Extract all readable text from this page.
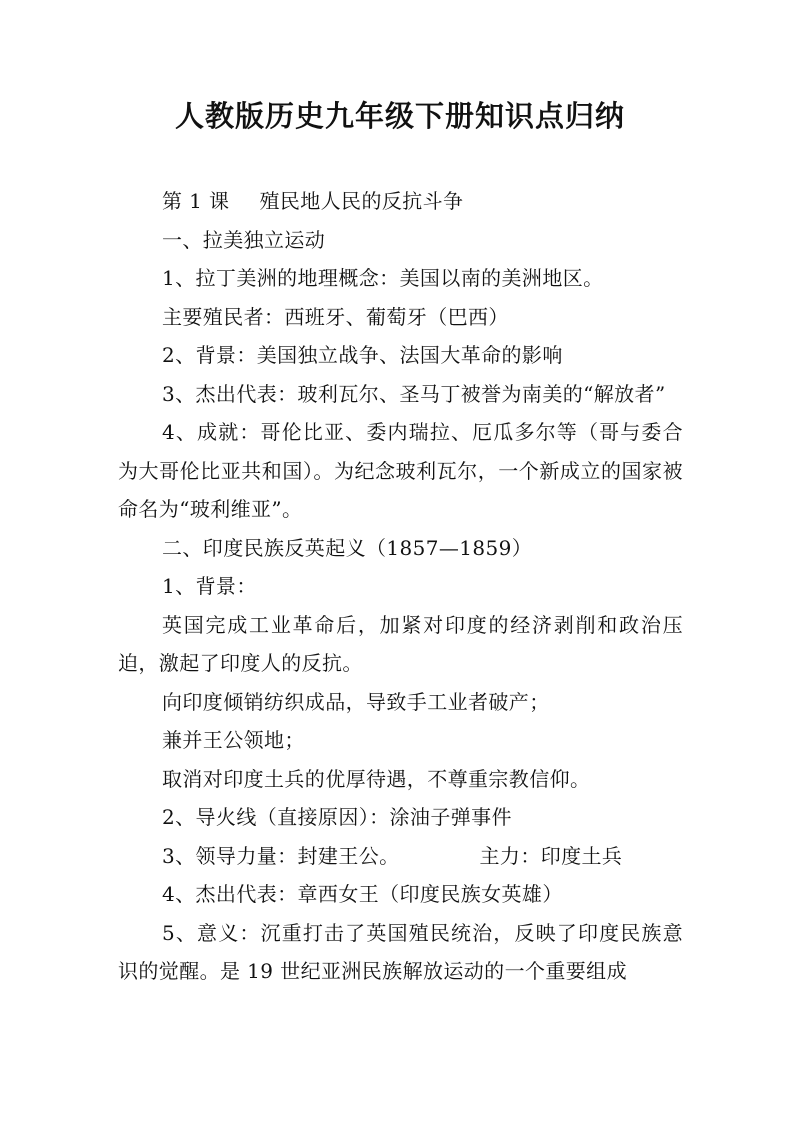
人教版历史九年级下册知识点归纳

第 1 课 殖民地人民的反抗斗争

一、拉美独立运动

1、拉丁美洲的地理概念：美国以南的美洲地区。

主要殖民者：西班牙、葡萄牙（巴西）

2、背景：美国独立战争、法国大革命的影响

3、杰出代表：玻利瓦尔、圣马丁被誉为南美的“解放者”

4、成就：哥伦比亚、委内瑞拉、厄瓜多尔等（哥与委合为大哥伦比亚共和国）。为纪念玻利瓦尔，一个新成立的国家被命名为“玻利维亚”。

二、印度民族反英起义（1857—1859）

1、背景：

英国完成工业革命后，加紧对印度的经济剥削和政治压迫，激起了印度人的反抗。

向印度倾销纺织成品，导致手工业者破产；

兼并王公领地；

取消对印度土兵的优厚待遇，不尊重宗教信仰。

2、导火线（直接原因）：涂油子弹事件

3、领导力量：封建王公。	主力：印度土兵

4、杰出代表：章西女王（印度民族女英雄）

5、意义：沉重打击了英国殖民统治，反映了印度民族意识的觉醒。是 19 世纪亚洲民族解放运动的一个重要组成
